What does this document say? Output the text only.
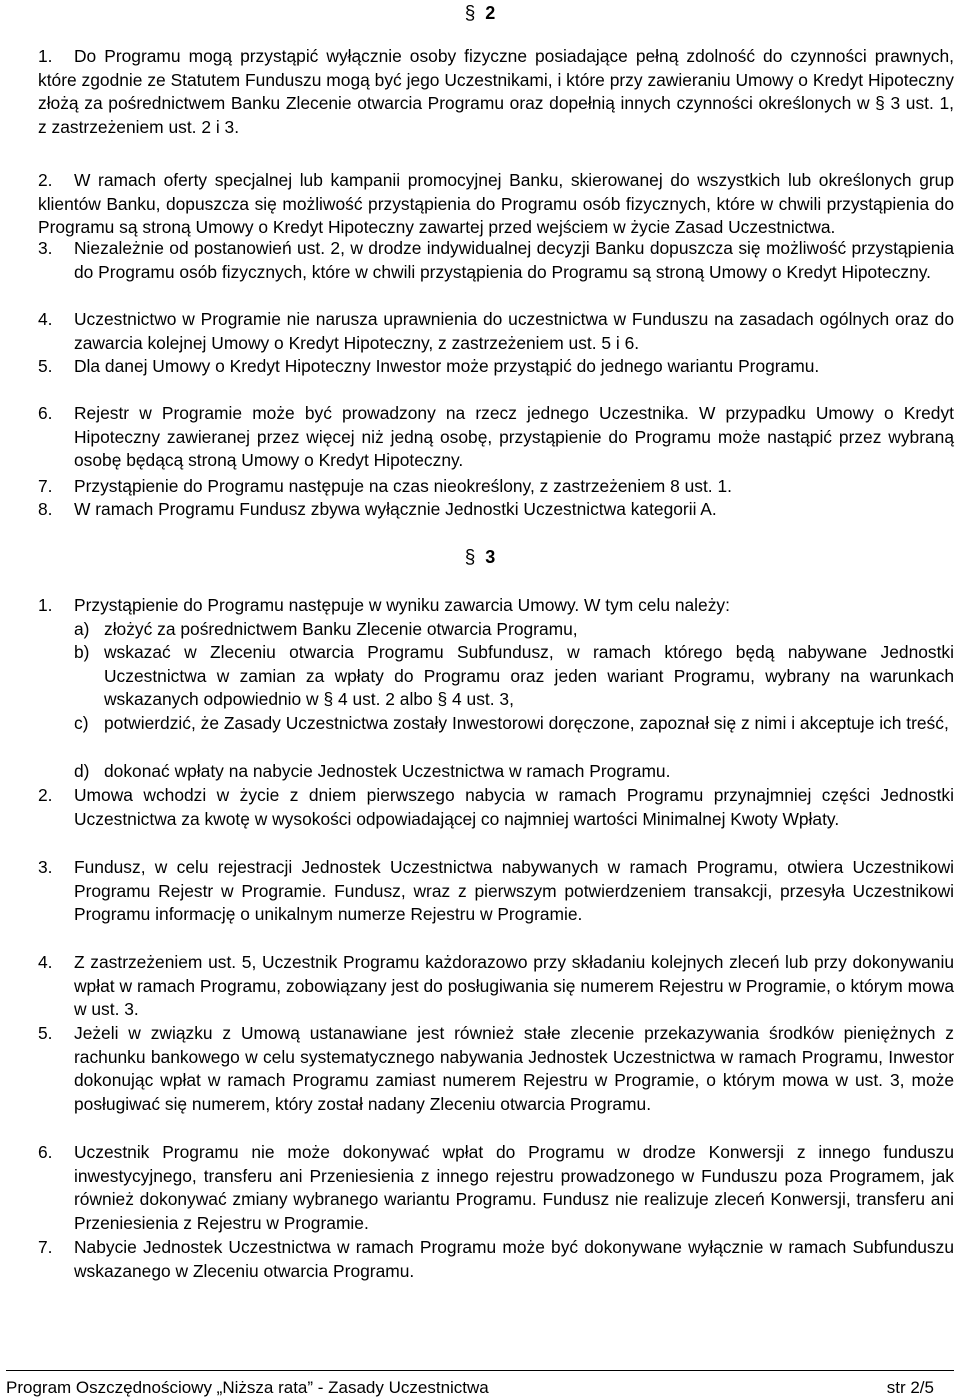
§ 2
1.	Do Programu mogą przystąpić wyłącznie osoby fizyczne posiadające pełną zdolność do czynności prawnych, które zgodnie ze Statutem Funduszu mogą być jego Uczestnikami, i które przy zawieraniu Umowy o Kredyt Hipoteczny złożą za pośrednictwem Banku Zlecenie otwarcia Programu oraz dopełnią innych czynności określonych w § 3 ust. 1, z zastrzeżeniem ust. 2 i 3.
2.	W ramach oferty specjalnej lub kampanii promocyjnej Banku, skierowanej do wszystkich lub określonych grup klientów Banku, dopuszcza się możliwość przystąpienia do Programu osób fizycznych, które w chwili przystąpienia do Programu są stroną Umowy o Kredyt Hipoteczny zawartej przed wejściem w życie Zasad Uczestnictwa.
3.	Niezależnie od postanowień ust. 2, w drodze indywidualnej decyzji Banku dopuszcza się możliwość przystąpienia do Programu osób fizycznych, które w chwili przystąpienia do Programu są stroną Umowy o Kredyt Hipoteczny.
4.	Uczestnictwo w Programie nie narusza uprawnienia do uczestnictwa w Funduszu na zasadach ogólnych oraz do zawarcia kolejnej Umowy o Kredyt Hipoteczny, z zastrzeżeniem ust. 5 i 6.
5.	Dla danej Umowy o Kredyt Hipoteczny Inwestor może przystąpić do jednego wariantu Programu.
6.	Rejestr w Programie może być prowadzony na rzecz jednego Uczestnika. W przypadku Umowy o Kredyt Hipoteczny zawieranej przez więcej niż jedną osobę, przystąpienie do Programu może nastąpić przez wybraną osobę będącą stroną Umowy o Kredyt Hipoteczny.
7.	Przystąpienie do Programu następuje na czas nieokreślony, z zastrzeżeniem 8 ust. 1.
8.	W ramach Programu Fundusz zbywa wyłącznie Jednostki Uczestnictwa kategorii A.
§ 3
1.	Przystąpienie do Programu następuje w wyniku zawarcia Umowy. W tym celu należy:
a) złożyć za pośrednictwem Banku Zlecenie otwarcia Programu,
b) wskazać w Zleceniu otwarcia Programu Subfundusz, w ramach którego będą nabywane Jednostki Uczestnictwa w zamian za wpłaty do Programu oraz jeden wariant Programu, wybrany na warunkach wskazanych odpowiednio w § 4 ust. 2 albo § 4 ust. 3,
c) potwierdzić, że Zasady Uczestnictwa zostały Inwestorowi doręczone, zapoznał się z nimi i akceptuje ich treść,
d) dokonać wpłaty na nabycie Jednostek Uczestnictwa w ramach Programu.
2.	Umowa wchodzi w życie z dniem pierwszego nabycia w ramach Programu przynajmniej części Jednostki Uczestnictwa za kwotę w wysokości odpowiadającej co najmniej wartości Minimalnej Kwoty Wpłaty.
3.	Fundusz, w celu rejestracji Jednostek Uczestnictwa nabywanych w ramach Programu, otwiera Uczestnikowi Programu Rejestr w Programie. Fundusz, wraz z pierwszym potwierdzeniem transakcji, przesyła Uczestnikowi Programu informację o unikalnym numerze Rejestru w Programie.
4.	Z zastrzeżeniem ust. 5, Uczestnik Programu każdorazowo przy składaniu kolejnych zleceń lub przy dokonywaniu wpłat w ramach Programu, zobowiązany jest do posługiwania się numerem Rejestru w Programie, o którym mowa w ust. 3.
5.	Jeżeli w związku z Umową ustanawiane jest również stałe zlecenie przekazywania środków pieniężnych z rachunku bankowego w celu systematycznego nabywania Jednostek Uczestnictwa w ramach Programu, Inwestor dokonując wpłat w ramach Programu zamiast numerem Rejestru w Programie, o którym mowa w ust. 3, może posługiwać się numerem, który został nadany Zleceniu otwarcia Programu.
6.	Uczestnik Programu nie może dokonywać wpłat do Programu w drodze Konwersji z innego funduszu inwestycyjnego, transferu ani Przeniesienia z innego rejestru prowadzonego w Funduszu poza Programem, jak również dokonywać zmiany wybranego wariantu Programu. Fundusz nie realizuje zleceń Konwersji, transferu ani Przeniesienia z Rejestru w Programie.
7.	Nabycie Jednostek Uczestnictwa w ramach Programu może być dokonywane wyłącznie w ramach Subfunduszu wskazanego w Zleceniu otwarcia Programu.
Program Oszczędnościowy „Niższa rata” - Zasady Uczestnictwa	str 2/5
